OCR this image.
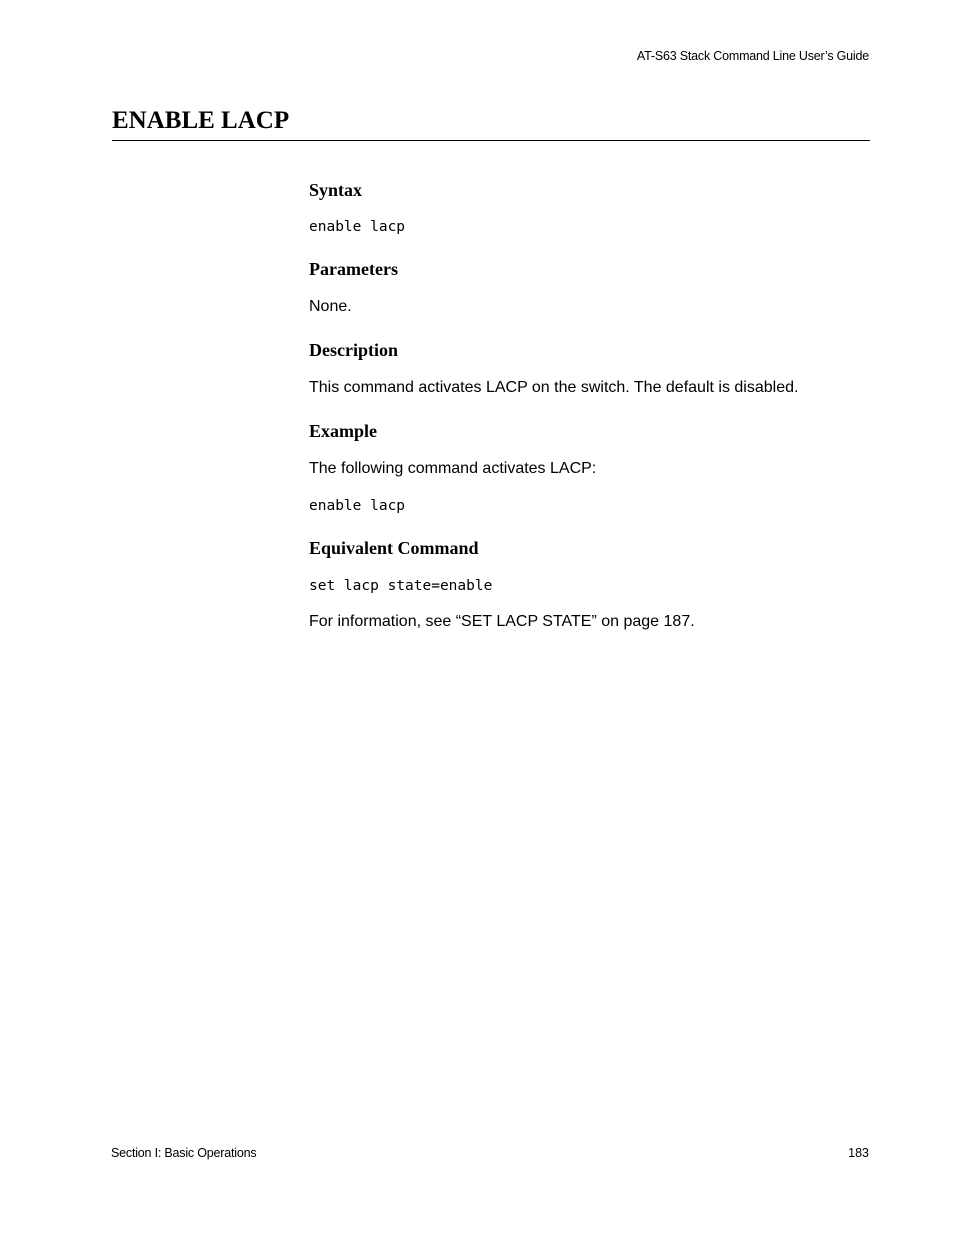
AT-S63 Stack Command Line User’s Guide
ENABLE LACP
Syntax
enable lacp
Parameters

None.

Description

This command activates LACP on the switch. The default is disabled.

Example

The following command activates LACP:

enable lacp
Equivalent Command
set lacp state=enable

For information, see “SET LACP STATE” on page 187.

Section I: Basic Operations	183
